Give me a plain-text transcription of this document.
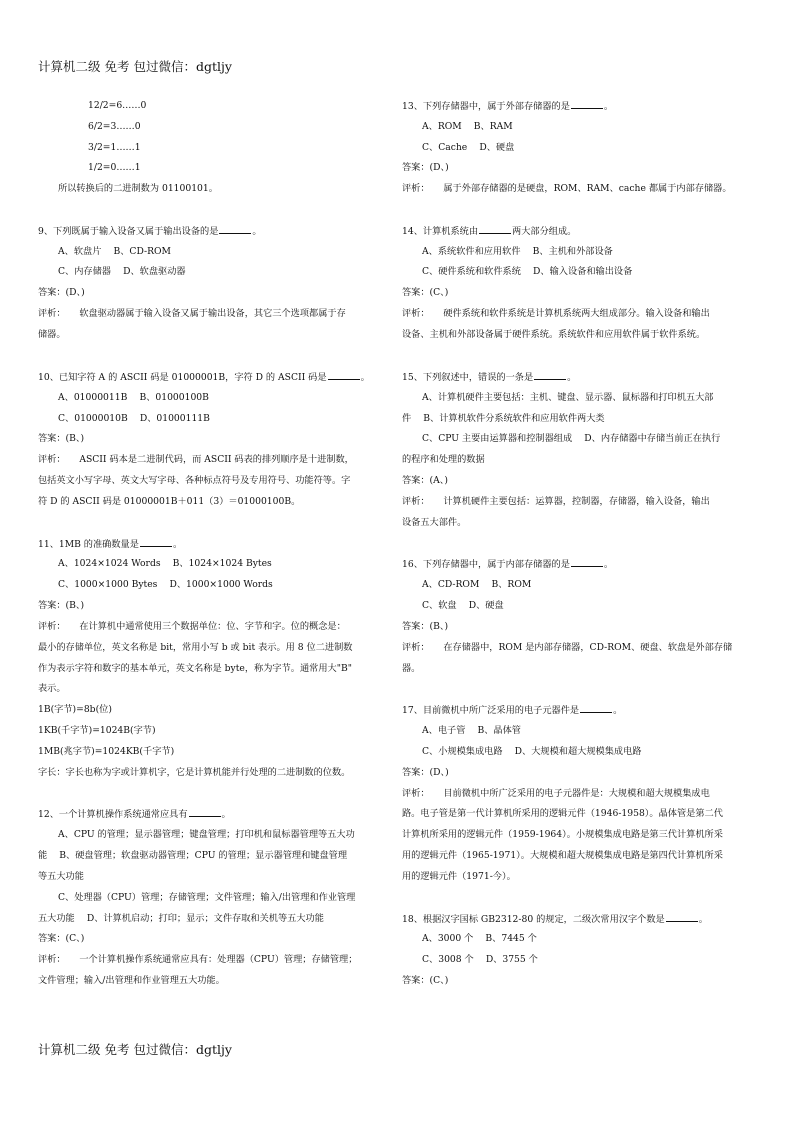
计算机二级 免考 包过微信：dgtljy
12/2=6……0
6/2=3……0
3/2=1……1
1/2=0……1
所以转换后的二进制数为 01100101。
9、下列既属于输入设备又属于输出设备的是	。
A、软盘片　 B、CD-ROM
C、内存储器　 D、软盘驱动器
答案：(D、)
评析：　　软盘驱动器属于输入设备又属于输出设备，其它三个选项都属于存
储器。
10、已知字符 A 的 ASCII 码是 01000001B，字符 D 的 ASCII 码是	。
A、01000011B　 B、01000100B
C、01000010B　 D、01000111B
答案：(B、)
评析：　　ASCII 码本是二进制代码，而 ASCII 码表的排列顺序是十进制数，
包括英文小写字母、英文大写字母、各种标点符号及专用符号、功能符等。字
符 D 的 ASCII 码是 01000001B＋011（3）＝01000100B。
11、1MB 的准确数量是	。
A、1024×1024 Words　 B、1024×1024 Bytes
C、1000×1000 Bytes　 D、1000×1000 Words
答案：(B、)
评析：　　在计算机中通常使用三个数据单位：位、字节和字。位的概念是：
最小的存储单位，英文名称是 bit，常用小写 b 或 bit 表示。用 8 位二进制数
作为表示字符和数字的基本单元，英文名称是 byte，称为字节。通常用大"B"
表示。
1B(字节)=8b(位)
1KB(千字节)=1024B(字节)
1MB(兆字节)=1024KB(千字节)
字长：字长也称为字或计算机字，它是计算机能并行处理的二进制数的位数。
12、一个计算机操作系统通常应具有	。
A、CPU 的管理；显示器管理；键盘管理；打印机和鼠标器管理等五大功
能　 B、硬盘管理；软盘驱动器管理；CPU 的管理；显示器管理和键盘管理
等五大功能
C、处理器（CPU）管理；存储管理；文件管理；输入/出管理和作业管理
五大功能　 D、计算机启动；打印；显示；文件存取和关机等五大功能
答案：(C、)
评析：　　一个计算机操作系统通常应具有：处理器（CPU）管理；存储管理；
文件管理；输入/出管理和作业管理五大功能。
13、下列存储器中，属于外部存储器的是	。
A、ROM　 B、RAM
C、Cache　 D、硬盘
答案：(D、)
评析：　　属于外部存储器的是硬盘，ROM、RAM、cache 都属于内部存储器。
14、计算机系统由	两大部分组成。
A、系统软件和应用软件　 B、主机和外部设备
C、硬件系统和软件系统　 D、输入设备和输出设备
答案：(C、)
评析：　　硬件系统和软件系统是计算机系统两大组成部分。输入设备和输出
设备、主机和外部设备属于硬件系统。系统软件和应用软件属于软件系统。
15、下列叙述中，错误的一条是	。
A、计算机硬件主要包括：主机、键盘、显示器、鼠标器和打印机五大部
件　 B、计算机软件分系统软件和应用软件两大类
C、CPU 主要由运算器和控制器组成　 D、内存储器中存储当前正在执行
的程序和处理的数据
答案：(A、)
评析：　　计算机硬件主要包括：运算器，控制器，存储器，输入设备，输出
设备五大部件。
16、下列存储器中，属于内部存储器的是	。
A、CD-ROM　 B、ROM
C、软盘　 D、硬盘
答案：(B、)
评析：　　在存储器中，ROM 是内部存储器，CD-ROM、硬盘、软盘是外部存储
器。
17、目前微机中所广泛采用的电子元器件是	。
A、电子管　 B、晶体管
C、小规模集成电路　 D、大规模和超大规模集成电路
答案：(D、)
评析：　　目前微机中所广泛采用的电子元器件是：大规模和超大规模集成电
路。电子管是第一代计算机所采用的逻辑元件（1946-1958）。晶体管是第二代
计算机所采用的逻辑元件（1959-1964）。小规模集成电路是第三代计算机所采
用的逻辑元件（1965-1971）。大规模和超大规模集成电路是第四代计算机所采
用的逻辑元件（1971-今）。
18、根据汉字国标 GB2312-80 的规定，二级次常用汉字个数是	。
A、3000 个　 B、7445 个
C、3008 个　 D、3755 个
答案：(C、)
计算机二级 免考 包过微信：dgtljy
